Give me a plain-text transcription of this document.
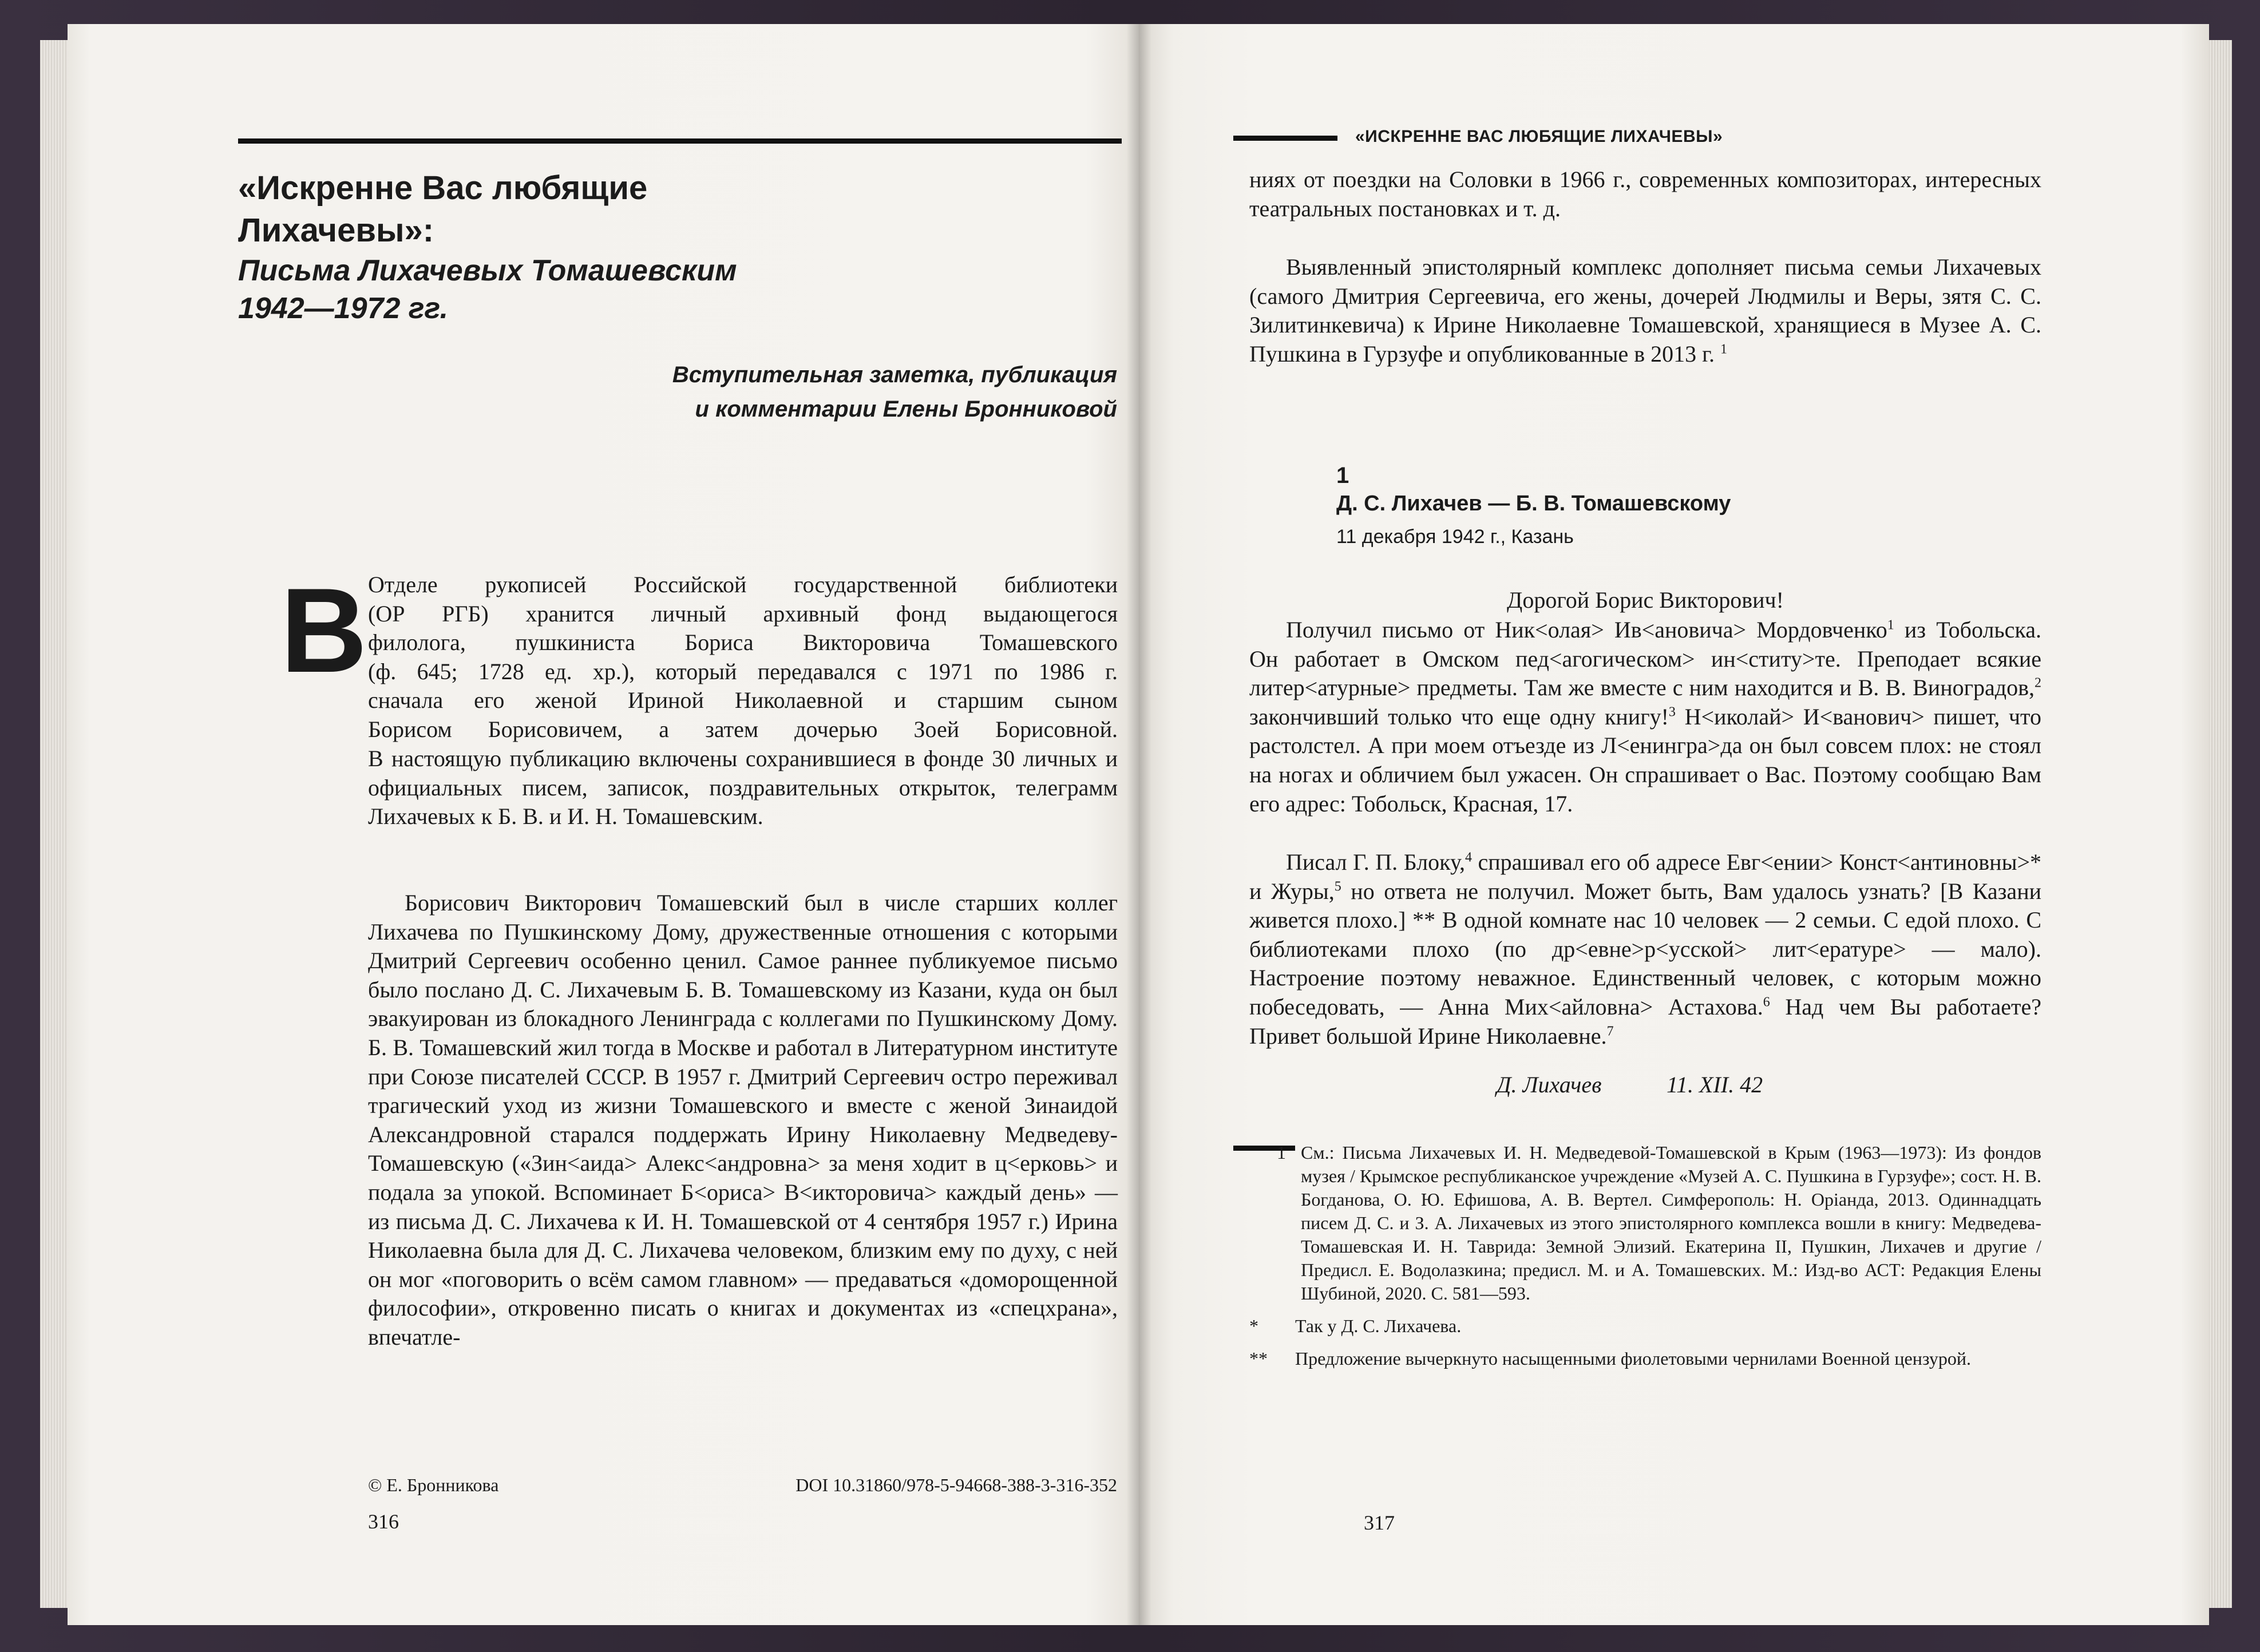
«Искренне Вас любящие

Лихачевы»:

Письма Лихачевых Томашевским

1942—1972 гг.

Вступительная заметка, публикация

и комментарии Елены Бронниковой

В Отделе рукописей Российской государственной библиотеки
(ОР РГБ) хранится личный архивный фонд выдающегося
филолога, пушкиниста Бориса Викторовича Томашевского
(ф. 645; 1728 ед. хр.), который передавался с 1971 по 1986 г.
сначала его женой Ириной Николаевной и старшим сыном
Борисом Борисовичем, а затем дочерью Зоей Борисовной.

В настоящую публикацию включены сохранившиеся в фонде 30 личных и официальных писем, записок, поздравительных открыток, телеграмм Лихачевых к Б. В. и И. Н. Томашевским.

Борисович Викторович Томашевский был в числе старших коллег Лихачева по Пушкинскому Дому, дружественные отношения с которыми Дмитрий Сергеевич особенно ценил. Самое раннее публикуемое письмо было послано Д. С. Лихачевым Б. В. Томашевскому из Казани, куда он был эвакуирован из блокадного Ленинграда с коллегами по Пушкинскому Дому. Б. В. Томашевский жил тогда в Москве и работал в Литературном институте при Союзе писателей СССР. В 1957 г. Дмитрий Сергеевич остро переживал трагический уход из жизни Томашевского и вместе с женой Зинаидой Александровной старался поддержать Ирину Николаевну Медведеву-Томашевскую («Зин<аида> Алекс<андровна> за меня ходит в ц<ерковь> и подала за упокой. Вспоминает Б<ориса> В<икторовича> каждый день» — из письма Д. С. Лихачева к И. Н. Томашевской от 4 сентября 1957 г.) Ирина Николаевна была для Д. С. Лихачева человеком, близким ему по духу, с ней он мог «поговорить о всём самом главном» — предаваться «доморощенной философии», откровенно писать о книгах и документах из «спецхрана», впечатле-

© Е. Бронникова	DOI 10.31860/978-5-94668-388-3-316-352
316
«ИСКРЕННЕ ВАС ЛЮБЯЩИЕ ЛИХАЧЕВЫ»

ниях от поездки на Соловки в 1966 г., современных композиторах, интересных театральных постановках и т. д.

Выявленный эпистолярный комплекс дополняет письма семьи Лихачевых (самого Дмитрия Сергеевича, его жены, дочерей Людмилы и Веры, зятя С. С. Зилитинкевича) к Ирине Николаевне Томашевской, хранящиеся в Музее А. С. Пушкина в Гурзуфе и опубликованные в 2013 г. $^1$

1
Д. С. Лихачев — Б. В. Томашевскому
11 декабря 1942 г., Казань
Дорогой Борис Викторович!

Получил письмо от Ник<олая> Ив<ановича> Мордовченко$^1$ из Тобольска. Он работает в Омском пед<агогическом> ин<ститу>те. Преподает всякие литер<атурные> предметы. Там же вместе с ним находится и В. В. Виноградов,$^2$ закончивший только что еще одну книгу!$^3$ Н<иколай> И<ванович> пишет, что растолстел. А при моем отъезде из Л<енингра>да он был совсем плох: не стоял на ногах и обличием был ужасен. Он спрашивает о Вас. Поэтому сообщаю Вам его адрес: Тобольск, Красная, 17.

Писал Г. П. Блоку,$^4$ спрашивал его об адресе Евг<ении> Конст<антиновны>* и Журы,$^5$ но ответа не получил. Может быть, Вам удалось узнать? [В Казани живется плохо.] ** В одной комнате нас 10 человек — 2 семьи. С едой плохо. С библиотеками плохо (по др<евне>р<усской> лит<ературе> — мало). Настроение поэтому неважное. Единственный человек, с которым можно побеседовать, — Анна Мих<айловна> Астахова.$^6$ Над чем Вы работаете? Привет большой Ирине Николаевне.$^7$

Д. Лихачев	11. XII. 42
1 См.: Письма Лихачевых И. Н. Медведевой-Томашевской в Крым (1963—1973): Из фондов музея / Крымское республиканское учреждение «Музей А. С. Пушкина в Гурзуфе»; сост. Н. В. Богданова, О. Ю. Ефишова, А. В. Вертел. Симферополь: Н. Оріанда, 2013. Одиннадцать писем Д. С. и З. А. Лихачевых из этого эпистолярного комплекса вошли в книгу: Медведева-Томашевская И. Н. Таврида: Земной Элизий. Екатерина II, Пушкин, Лихачев и другие / Предисл. Е. Водолазкина; предисл. М. и А. Томашевских. М.: Изд-во АСТ: Редакция Елены Шубиной, 2020. С. 581—593.
*	Так у Д. С. Лихачева.
**	Предложение вычеркнуто насыщенными фиолетовыми чернилами Военной цензурой.
317
